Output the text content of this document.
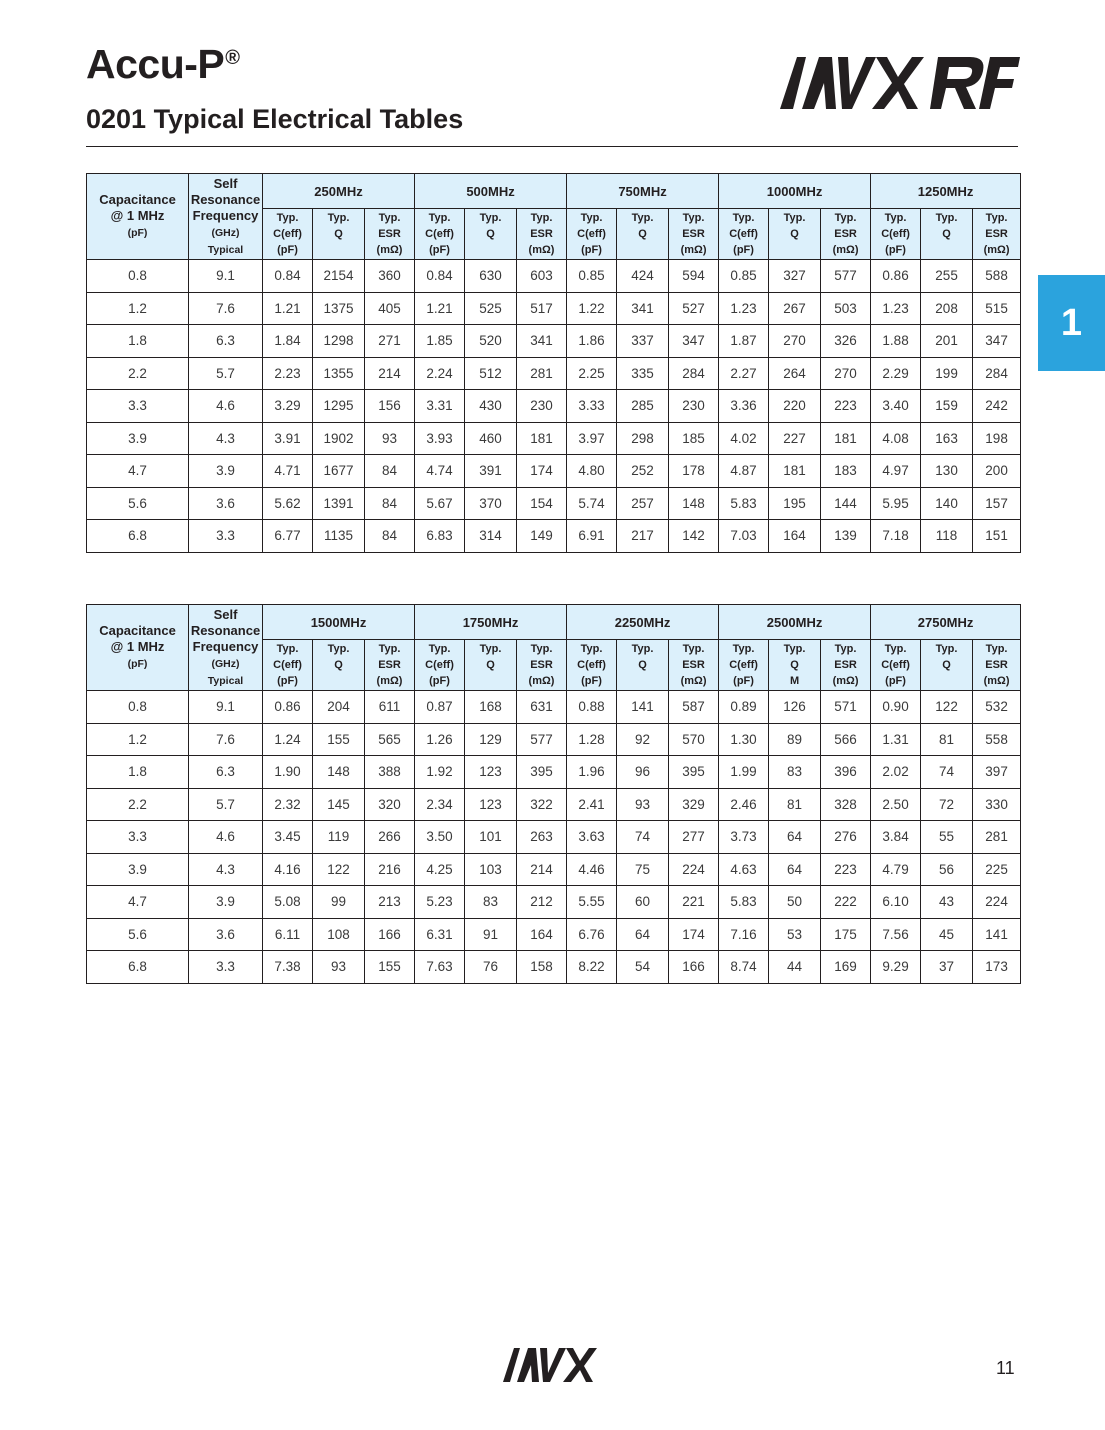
Accu-P®
0201 Typical Electrical Tables
1
Capacitance
@ 1 MHz
(pF)	Self
Resonance
Frequency
(GHz)
Typical	250MHz			500MHz			750MHz			1000MHz			1250MHz		
		Typ.
C(eff)
(pF)	Typ.
Q	Typ.
ESR
(mΩ)	Typ.
C(eff)
(pF)	Typ.
Q	Typ.
ESR
(mΩ)	Typ.
C(eff)
(pF)	Typ.
Q	Typ.
ESR
(mΩ)	Typ.
C(eff)
(pF)	Typ.
Q	Typ.
ESR
(mΩ)	Typ.
C(eff)
(pF)	Typ.
Q	Typ.
ESR
(mΩ)
0.8	9.1	0.84	2154	360	0.84	630	603	0.85	424	594	0.85	327	577	0.86	255	588
1.2	7.6	1.21	1375	405	1.21	525	517	1.22	341	527	1.23	267	503	1.23	208	515
1.8	6.3	1.84	1298	271	1.85	520	341	1.86	337	347	1.87	270	326	1.88	201	347
2.2	5.7	2.23	1355	214	2.24	512	281	2.25	335	284	2.27	264	270	2.29	199	284
3.3	4.6	3.29	1295	156	3.31	430	230	3.33	285	230	3.36	220	223	3.40	159	242
3.9	4.3	3.91	1902	93	3.93	460	181	3.97	298	185	4.02	227	181	4.08	163	198
4.7	3.9	4.71	1677	84	4.74	391	174	4.80	252	178	4.87	181	183	4.97	130	200
5.6	3.6	5.62	1391	84	5.67	370	154	5.74	257	148	5.83	195	144	5.95	140	157
6.8	3.3	6.77	1135	84	6.83	314	149	6.91	217	142	7.03	164	139	7.18	118	151
Capacitance
@ 1 MHz
(pF)	Self
Resonance
Frequency
(GHz)
Typical	1500MHz			1750MHz			2250MHz			2500MHz			2750MHz		
		Typ.
C(eff)
(pF)	Typ.
Q	Typ.
ESR
(mΩ)	Typ.
C(eff)
(pF)	Typ.
Q	Typ.
ESR
(mΩ)	Typ.
C(eff)
(pF)	Typ.
Q	Typ.
ESR
(mΩ)	Typ.
C(eff)
(pF)	Typ.
Q
M	Typ.
ESR
(mΩ)	Typ.
C(eff)
(pF)	Typ.
Q	Typ.
ESR
(mΩ)
0.8	9.1	0.86	204	611	0.87	168	631	0.88	141	587	0.89	126	571	0.90	122	532
1.2	7.6	1.24	155	565	1.26	129	577	1.28	92	570	1.30	89	566	1.31	81	558
1.8	6.3	1.90	148	388	1.92	123	395	1.96	96	395	1.99	83	396	2.02	74	397
2.2	5.7	2.32	145	320	2.34	123	322	2.41	93	329	2.46	81	328	2.50	72	330
3.3	4.6	3.45	119	266	3.50	101	263	3.63	74	277	3.73	64	276	3.84	55	281
3.9	4.3	4.16	122	216	4.25	103	214	4.46	75	224	4.63	64	223	4.79	56	225
4.7	3.9	5.08	99	213	5.23	83	212	5.55	60	221	5.83	50	222	6.10	43	224
5.6	3.6	6.11	108	166	6.31	91	164	6.76	64	174	7.16	53	175	7.56	45	141
6.8	3.3	7.38	93	155	7.63	76	158	8.22	54	166	8.74	44	169	9.29	37	173
11
